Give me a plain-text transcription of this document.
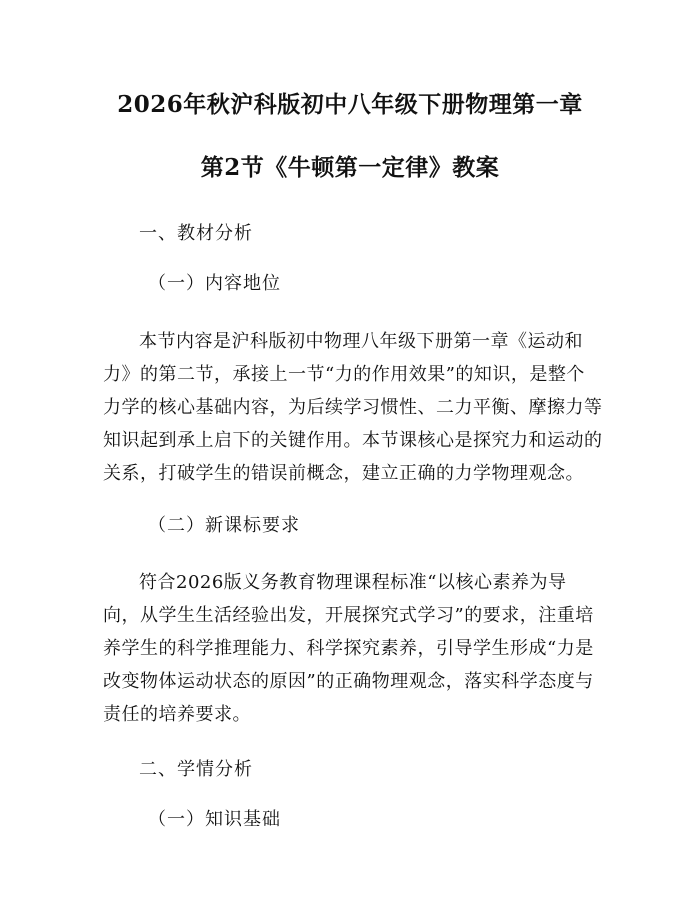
2026年秋沪科版初中八年级下册物理第一章
第2节《牛顿第一定律》教案

一、教材分析

（一）内容地位

本节内容是沪科版初中物理八年级下册第一章《运动和
力》的第二节，承接上一节“力的作用效果”的知识，是整个
力学的核心基础内容，为后续学习惯性、二力平衡、摩擦力等
知识起到承上启下的关键作用。本节课核心是探究力和运动的
关系，打破学生的错误前概念，建立正确的力学物理观念。

（二）新课标要求

符合2026版义务教育物理课程标准“以核心素养为导
向，从学生生活经验出发，开展探究式学习”的要求，注重培
养学生的科学推理能力、科学探究素养，引导学生形成“力是
改变物体运动状态的原因”的正确物理观念，落实科学态度与
责任的培养要求。

二、学情分析

（一）知识基础
